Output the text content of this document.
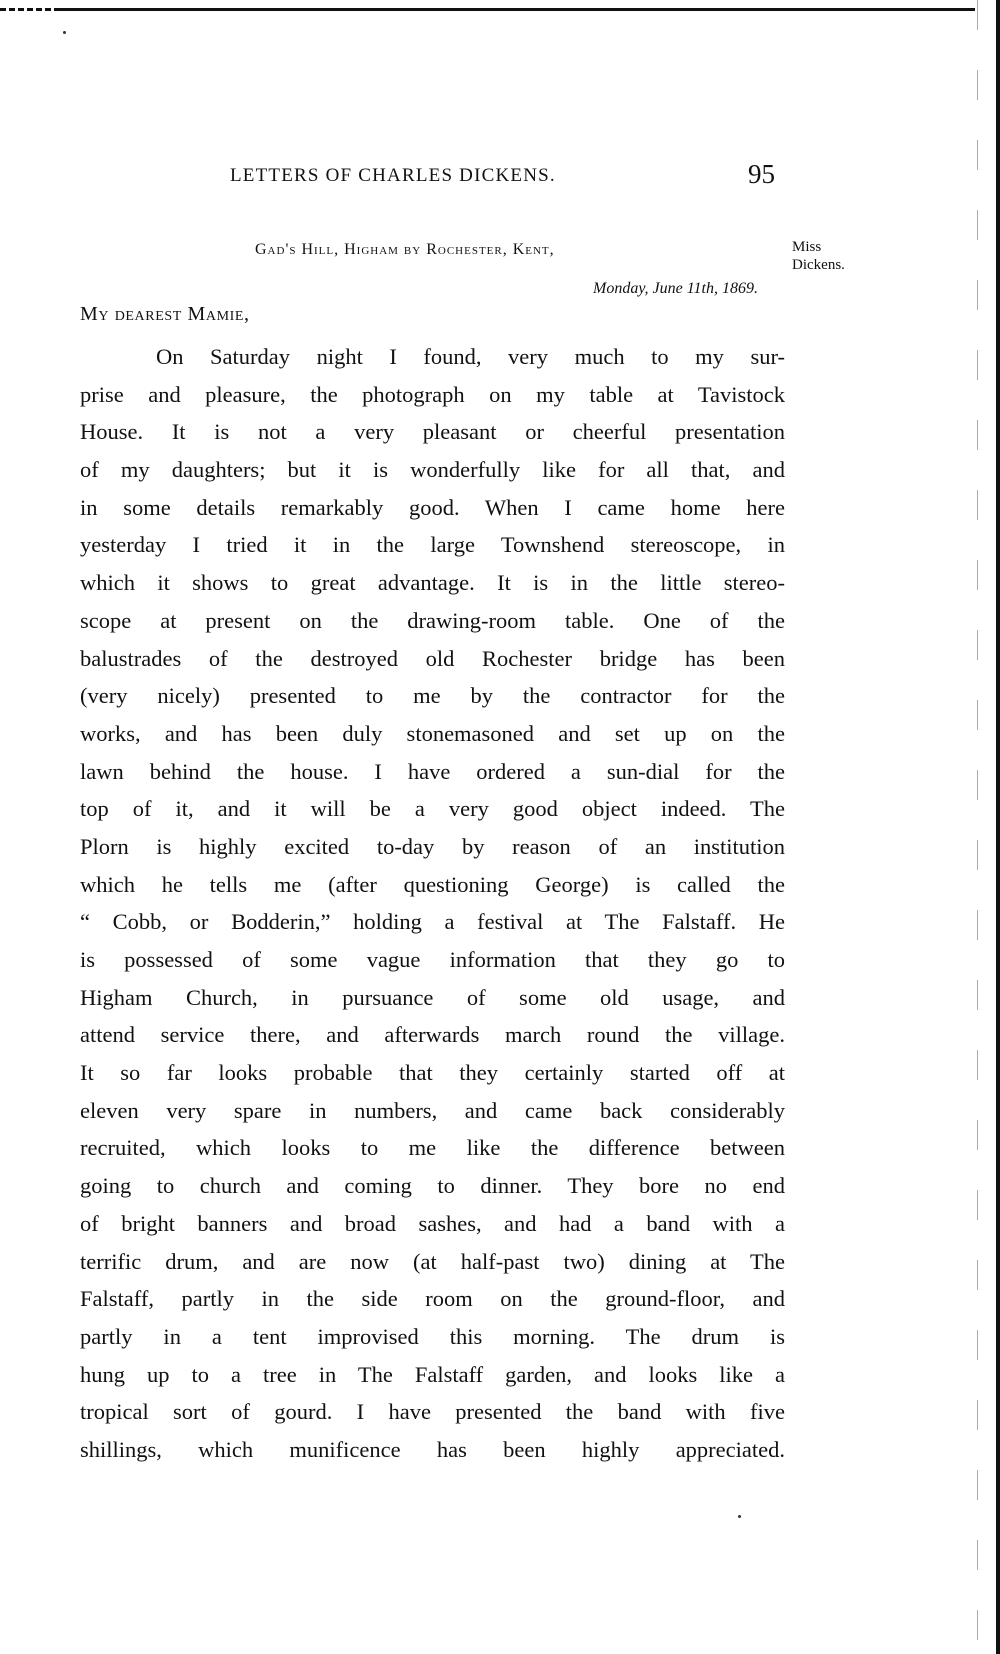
LETTERS OF CHARLES DICKENS.	95
Miss
Dickens.
Gad's Hill, Higham by Rochester, Kent,
Monday, June 11th, 1869.
My dearest Mamie,
On Saturday night I found, very much to my sur-
prise and pleasure, the photograph on my table at Tavistock
House. It is not a very pleasant or cheerful presentation
of my daughters; but it is wonderfully like for all that, and
in some details remarkably good. When I came home here
yesterday I tried it in the large Townshend stereoscope, in
which it shows to great advantage. It is in the little stereo-
scope at present on the drawing-room table. One of the
balustrades of the destroyed old Rochester bridge has been
(very nicely) presented to me by the contractor for the
works, and has been duly stonemasoned and set up on the
lawn behind the house. I have ordered a sun-dial for the
top of it, and it will be a very good object indeed. The
Plorn is highly excited to-day by reason of an institution
which he tells me (after questioning George) is called the
“ Cobb, or Bodderin,” holding a festival at The Falstaff. He
is possessed of some vague information that they go to
Higham Church, in pursuance of some old usage, and
attend service there, and afterwards march round the village.
It so far looks probable that they certainly started off at
eleven very spare in numbers, and came back considerably
recruited, which looks to me like the difference between
going to church and coming to dinner. They bore no end
of bright banners and broad sashes, and had a band with a
terrific drum, and are now (at half-past two) dining at The
Falstaff, partly in the side room on the ground-floor, and
partly in a tent improvised this morning. The drum is
hung up to a tree in The Falstaff garden, and looks like a
tropical sort of gourd. I have presented the band with five
shillings, which munificence has been highly appreciated.
